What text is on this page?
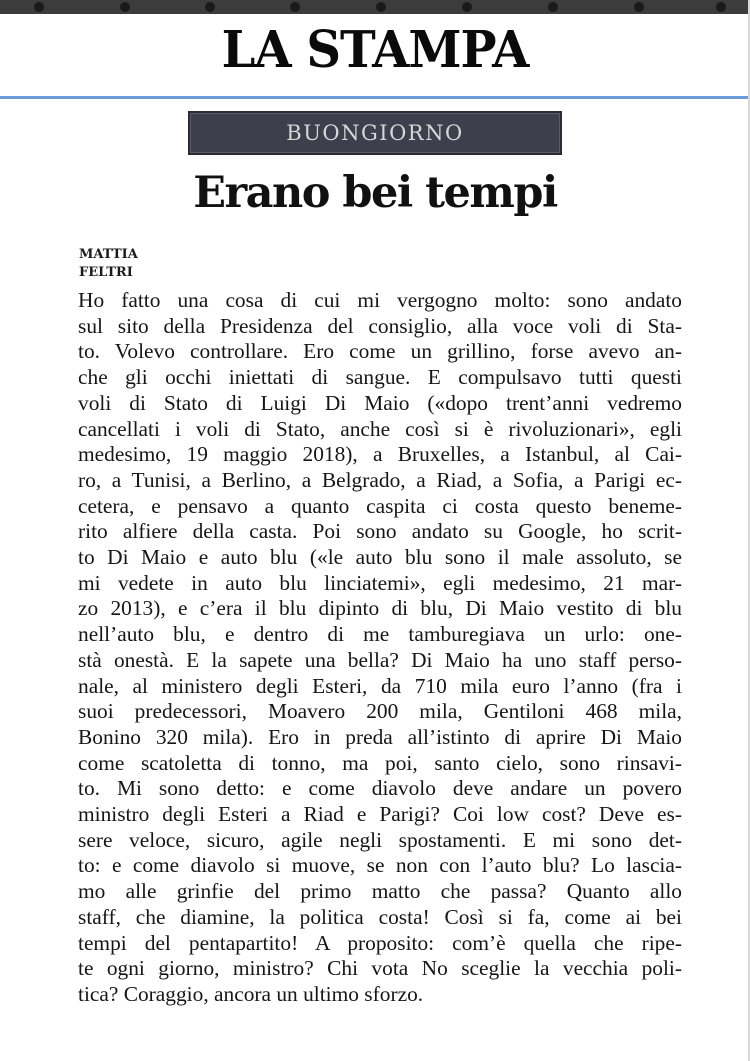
LA STAMPA
BUONGIORNO
Erano bei tempi
MATTIA
FELTRI
Ho fatto una cosa di cui mi vergogno molto: sono andato
sul sito della Presidenza del consiglio, alla voce voli di Sta-
to. Volevo controllare. Ero come un grillino, forse avevo an-
che gli occhi iniettati di sangue. E compulsavo tutti questi
voli di Stato di Luigi Di Maio («dopo trent’anni vedremo
cancellati i voli di Stato, anche così si è rivoluzionari», egli
medesimo, 19 maggio 2018), a Bruxelles, a Istanbul, al Cai-
ro, a Tunisi, a Berlino, a Belgrado, a Riad, a Sofia, a Parigi ec-
cetera, e pensavo a quanto caspita ci costa questo beneme-
rito alfiere della casta. Poi sono andato su Google, ho scrit-
to Di Maio e auto blu («le auto blu sono il male assoluto, se
mi vedete in auto blu linciatemi», egli medesimo, 21 mar-
zo 2013), e c’era il blu dipinto di blu, Di Maio vestito di blu
nell’auto blu, e dentro di me tamburegiava un urlo: one-
stà onestà. E la sapete una bella? Di Maio ha uno staff perso-
nale, al ministero degli Esteri, da 710 mila euro l’anno (fra i
suoi predecessori, Moavero 200 mila, Gentiloni 468 mila,
Bonino 320 mila). Ero in preda all’istinto di aprire Di Maio
come scatoletta di tonno, ma poi, santo cielo, sono rinsavi-
to. Mi sono detto: e come diavolo deve andare un povero
ministro degli Esteri a Riad e Parigi? Coi low cost? Deve es-
sere veloce, sicuro, agile negli spostamenti. E mi sono det-
to: e come diavolo si muove, se non con l’auto blu? Lo lascia-
mo alle grinfie del primo matto che passa? Quanto allo
staff, che diamine, la politica costa! Così si fa, come ai bei
tempi del pentapartito! A proposito: com’è quella che ripe-
te ogni giorno, ministro? Chi vota No sceglie la vecchia poli-
tica? Coraggio, ancora un ultimo sforzo.
